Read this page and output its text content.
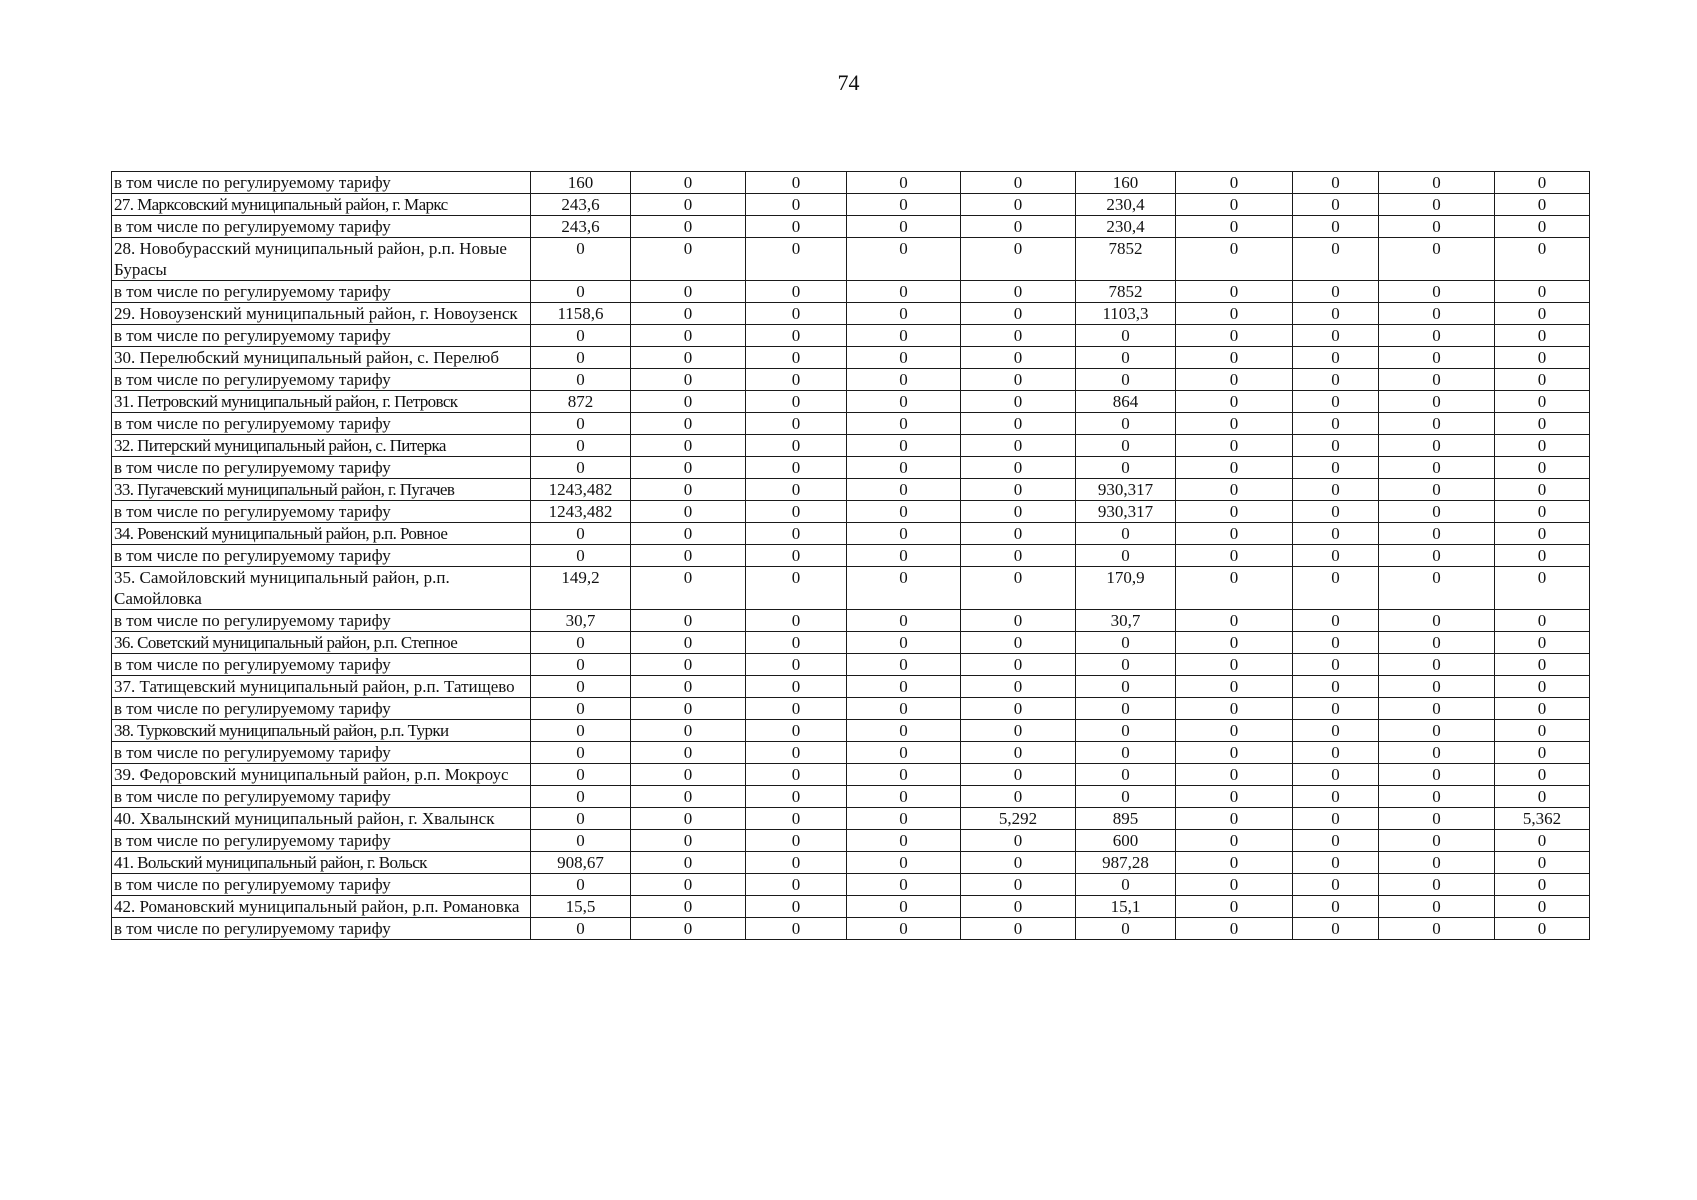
74
в том числе по регулируемому тарифу	160	0	0	0	0	160	0	0	0	0
27. Марксовский муниципальный район, г. Маркс	243,6	0	0	0	0	230,4	0	0	0	0
в том числе по регулируемому тарифу	243,6	0	0	0	0	230,4	0	0	0	0
28. Новобурасский муниципальный район, р.п. Новые Бурасы	0	0	0	0	0	7852	0	0	0	0
в том числе по регулируемому тарифу	0	0	0	0	0	7852	0	0	0	0
29. Новоузенский муниципальный район, г. Новоузенск	1158,6	0	0	0	0	1103,3	0	0	0	0
в том числе по регулируемому тарифу	0	0	0	0	0	0	0	0	0	0
30. Перелюбский муниципальный район, с. Перелюб	0	0	0	0	0	0	0	0	0	0
в том числе по регулируемому тарифу	0	0	0	0	0	0	0	0	0	0
31. Петровский муниципальный район, г. Петровск	872	0	0	0	0	864	0	0	0	0
в том числе по регулируемому тарифу	0	0	0	0	0	0	0	0	0	0
32. Питерский муниципальный район, с. Питерка	0	0	0	0	0	0	0	0	0	0
в том числе по регулируемому тарифу	0	0	0	0	0	0	0	0	0	0
33. Пугачевский муниципальный район, г. Пугачев	1243,482	0	0	0	0	930,317	0	0	0	0
в том числе по регулируемому тарифу	1243,482	0	0	0	0	930,317	0	0	0	0
34. Ровенский муниципальный район, р.п. Ровное	0	0	0	0	0	0	0	0	0	0
в том числе по регулируемому тарифу	0	0	0	0	0	0	0	0	0	0
35. Самойловский муниципальный район, р.п. Самойловка	149,2	0	0	0	0	170,9	0	0	0	0
в том числе по регулируемому тарифу	30,7	0	0	0	0	30,7	0	0	0	0
36. Советский муниципальный район, р.п. Степное	0	0	0	0	0	0	0	0	0	0
в том числе по регулируемому тарифу	0	0	0	0	0	0	0	0	0	0
37. Татищевский муниципальный район, р.п. Татищево	0	0	0	0	0	0	0	0	0	0
в том числе по регулируемому тарифу	0	0	0	0	0	0	0	0	0	0
38. Турковский муниципальный район, р.п. Турки	0	0	0	0	0	0	0	0	0	0
в том числе по регулируемому тарифу	0	0	0	0	0	0	0	0	0	0
39. Федоровский муниципальный район, р.п. Мокроус	0	0	0	0	0	0	0	0	0	0
в том числе по регулируемому тарифу	0	0	0	0	0	0	0	0	0	0
40. Хвалынский муниципальный район, г. Хвалынск	0	0	0	0	5,292	895	0	0	0	5,362
в том числе по регулируемому тарифу	0	0	0	0	0	600	0	0	0	0
41. Вольский муниципальный район, г. Вольск	908,67	0	0	0	0	987,28	0	0	0	0
в том числе по регулируемому тарифу	0	0	0	0	0	0	0	0	0	0
42. Романовский муниципальный район, р.п. Романовка	15,5	0	0	0	0	15,1	0	0	0	0
в том числе по регулируемому тарифу	0	0	0	0	0	0	0	0	0	0
